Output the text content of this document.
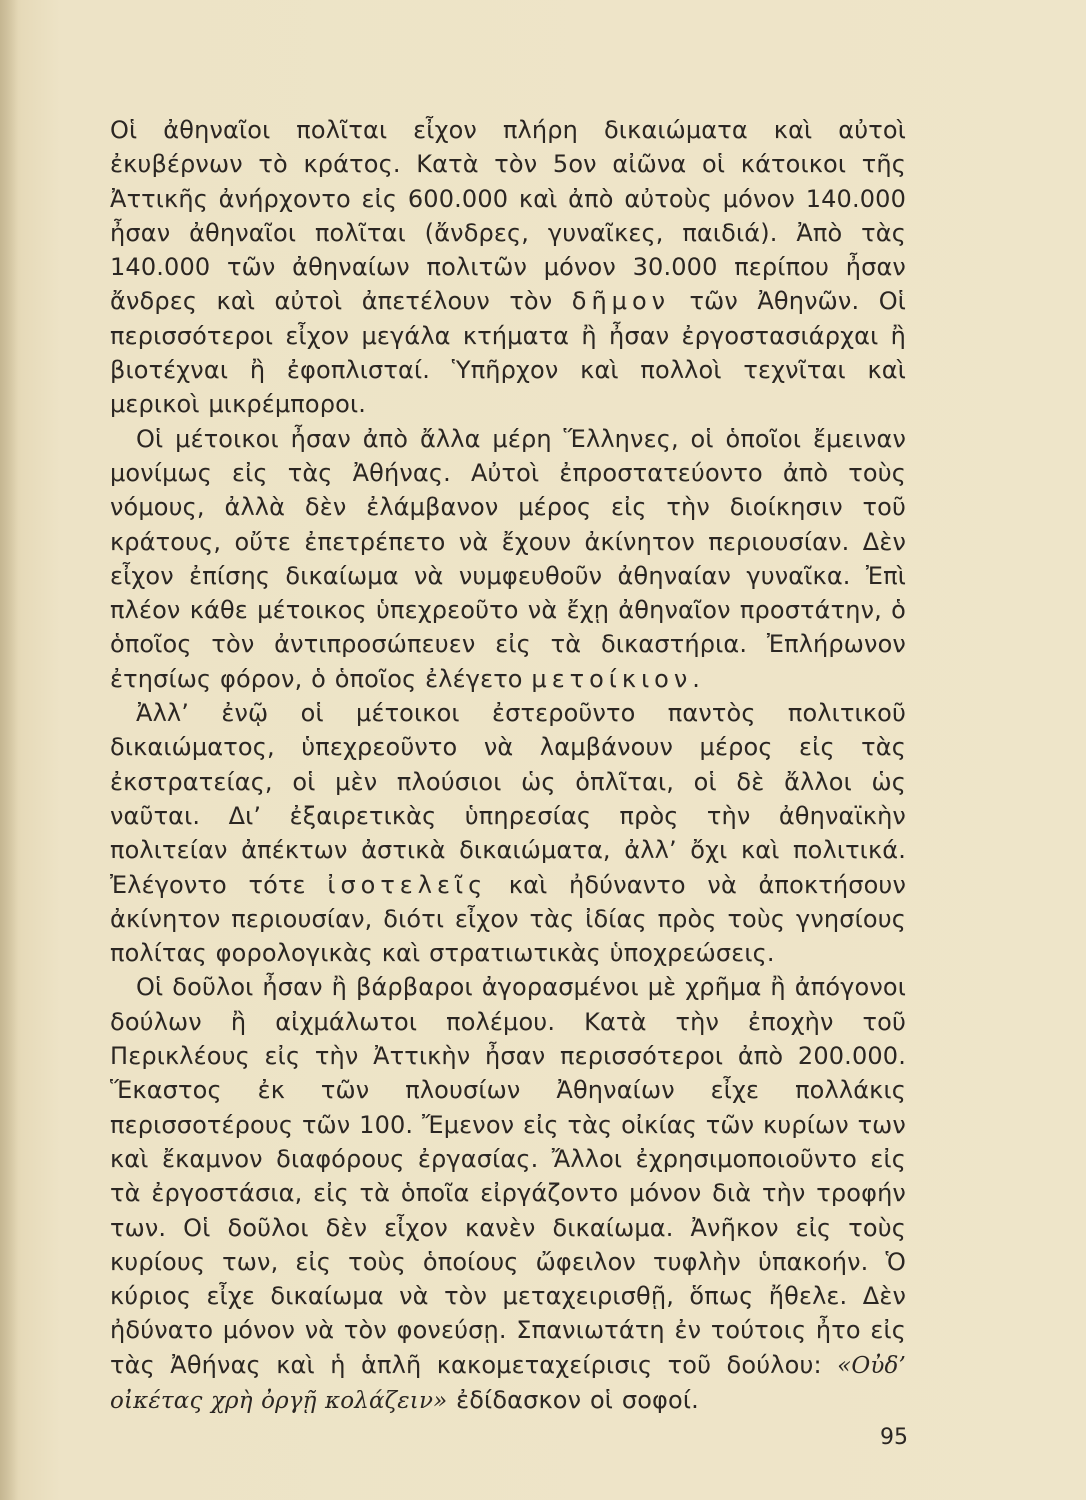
Οἱ ἀθηναῖοι πολῖται εἶχον πλήρη δικαιώματα καὶ αὐτοὶ ἐκυβέρνων τὸ κράτος. Κατὰ τὸν 5ον αἰῶνα οἱ κάτοικοι τῆς Ἀττικῆς ἀνήρχοντο εἰς 600.000 καὶ ἀπὸ αὐτοὺς μόνον 140.000 ἦσαν ἀθηναῖοι πολῖται (ἄνδρες, γυναῖκες, παιδιά). Ἀπὸ τὰς 140.000 τῶν ἀθηναίων πολιτῶν μόνον 30.000 περίπου ἦσαν ἄνδρες καὶ αὐτοὶ ἀπετέλουν τὸν δῆμον τῶν Ἀθηνῶν. Οἱ περισσότεροι εἶχον μεγάλα κτήματα ἢ ἦσαν ἐργοστασιάρχαι ἢ βιοτέχναι ἢ ἐφοπλισταί. Ὑπῆρχον καὶ πολλοὶ τεχνῖται καὶ μερικοὶ μικρέμποροι.

Οἱ μέτοικοι ἦσαν ἀπὸ ἄλλα μέρη Ἕλληνες, οἱ ὁποῖοι ἔμειναν μονίμως εἰς τὰς Ἀθήνας. Αὐτοὶ ἐπροστατεύοντο ἀπὸ τοὺς νόμους, ἀλλὰ δὲν ἐλάμβανον μέρος εἰς τὴν διοίκησιν τοῦ κράτους, οὔτε ἐπετρέπετο νὰ ἔχουν ἀκίνητον περιουσίαν. Δὲν εἶχον ἐπίσης δικαίωμα νὰ νυμφευθοῦν ἀθηναίαν γυναῖκα. Ἐπὶ πλέον κάθε μέτοικος ὑπεχρεοῦτο νὰ ἔχῃ ἀθηναῖον προστάτην, ὁ ὁποῖος τὸν ἀντιπροσώπευεν εἰς τὰ δικαστήρια. Ἐπλήρωνον ἐτησίως φόρον, ὁ ὁποῖος ἐλέγετο μετοίκιον.

Ἀλλ’ ἐνῷ οἱ μέτοικοι ἐστεροῦντο παντὸς πολιτικοῦ δικαιώματος, ὑπεχρεοῦντο νὰ λαμβάνουν μέρος εἰς τὰς ἐκστρατείας, οἱ μὲν πλούσιοι ὡς ὁπλῖται, οἱ δὲ ἄλλοι ὡς ναῦται. Δι’ ἐξαιρετικὰς ὑπηρεσίας πρὸς τὴν ἀθηναϊκὴν πολιτείαν ἀπέκτων ἀστικὰ δικαιώματα, ἀλλ’ ὄχι καὶ πολιτικά. Ἐλέγοντο τότε ἰσοτελεῖς καὶ ἠδύναντο νὰ ἀποκτήσουν ἀκίνητον περιουσίαν, διότι εἶχον τὰς ἰδίας πρὸς τοὺς γνησίους πολίτας φορολογικὰς καὶ στρατιωτικὰς ὑποχρεώσεις.

Οἱ δοῦλοι ἦσαν ἢ βάρβαροι ἀγορασμένοι μὲ χρῆμα ἢ ἀπόγονοι δούλων ἢ αἰχμάλωτοι πολέμου. Κατὰ τὴν ἐποχὴν τοῦ Περικλέους εἰς τὴν Ἀττικὴν ἦσαν περισσότεροι ἀπὸ 200.000. Ἕκαστος ἐκ τῶν πλουσίων Ἀθηναίων εἶχε πολλάκις περισσοτέρους τῶν 100. Ἔμενον εἰς τὰς οἰκίας τῶν κυρίων των καὶ ἔκαμνον διαφόρους ἐργασίας. Ἄλλοι ἐχρησιμοποιοῦντο εἰς τὰ ἐργοστάσια, εἰς τὰ ὁποῖα εἰργάζοντο μόνον διὰ τὴν τροφήν των. Οἱ δοῦλοι δὲν εἶχον κανὲν δικαίωμα. Ἀνῆκον εἰς τοὺς κυρίους των, εἰς τοὺς ὁποίους ὤφειλον τυφλὴν ὑπακοήν. Ὁ κύριος εἶχε δικαίωμα νὰ τὸν μεταχειρισθῇ, ὅπως ἤθελε. Δὲν ἠδύνατο μόνον νὰ τὸν φονεύσῃ. Σπανιωτάτη ἐν τούτοις ἦτο εἰς τὰς Ἀθήνας καὶ ἡ ἁπλῆ κακομεταχείρισις τοῦ δούλου: «Οὐδ’ οἰκέτας χρὴ ὀργῇ κολάζειν» ἐδίδασκον οἱ σοφοί.

95
